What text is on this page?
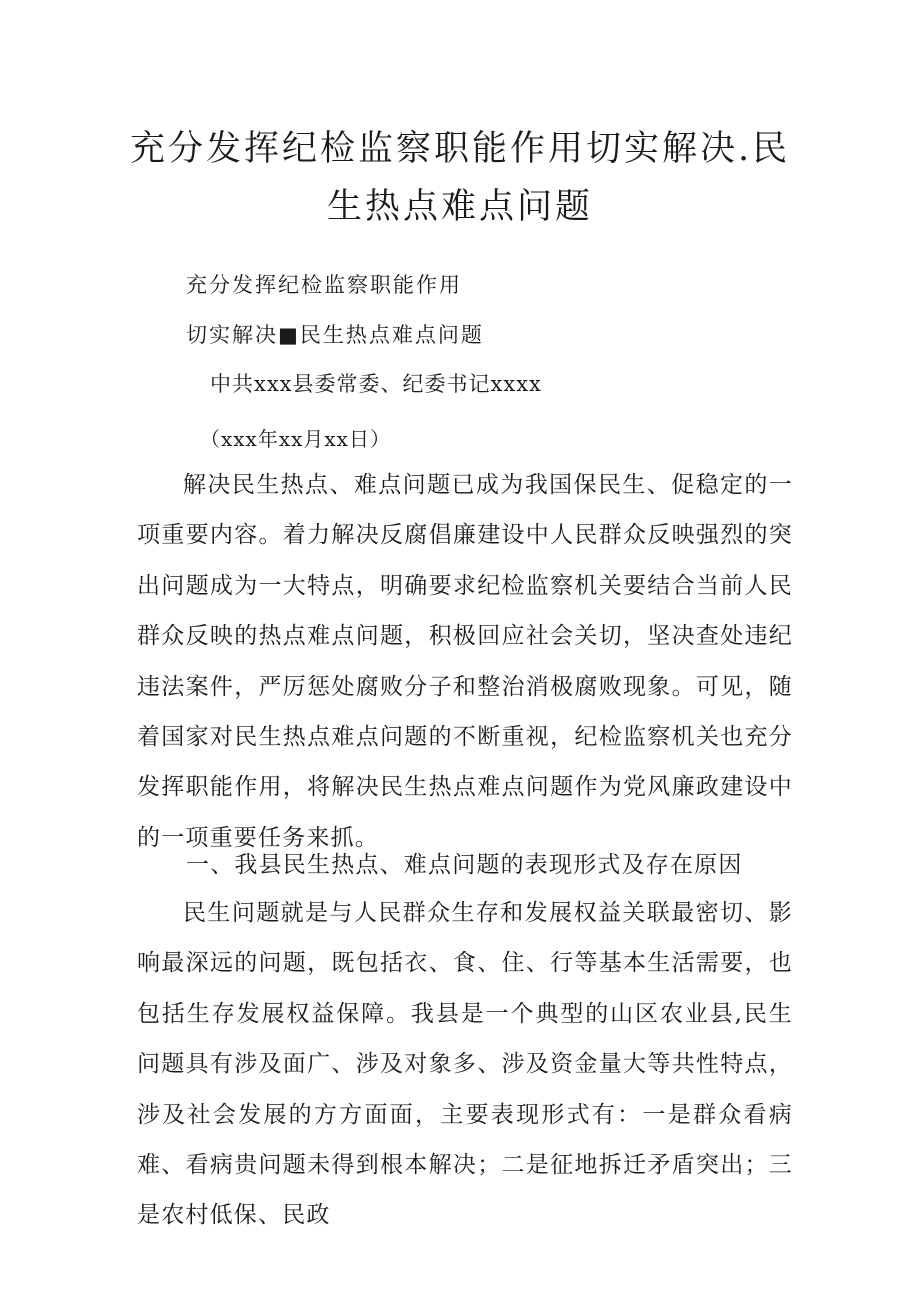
充分发挥纪检监察职能作用切实解决.民
生热点难点问题
充分发挥纪检监察职能作用
切实解决■民生热点难点问题
中共xxx县委常委、纪委书记xxxx
（xxx年xx月xx日）
解决民生热点、难点问题已成为我国保民生、促稳定的一项重要内容。着力解决反腐倡廉建设中人民群众反映强烈的突出问题成为一大特点，明确要求纪检监察机关要结合当前人民群众反映的热点难点问题，积极回应社会关切，坚决查处违纪违法案件，严厉惩处腐败分子和整治消极腐败现象。可见，随着国家对民生热点难点问题的不断重视，纪检监察机关也充分发挥职能作用，将解决民生热点难点问题作为党风廉政建设中的一项重要任务来抓。
一、我县民生热点、难点问题的表现形式及存在原因
民生问题就是与人民群众生存和发展权益关联最密切、影响最深远的问题，既包括衣、食、住、行等基本生活需要，也包括生存发展权益保障。我县是一个典型的山区农业县,民生问题具有涉及面广、涉及对象多、涉及资金量大等共性特点，涉及社会发展的方方面面，主要表现形式有：一是群众看病难、看病贵问题未得到根本解决；二是征地拆迁矛盾突出；三是农村低保、民政
